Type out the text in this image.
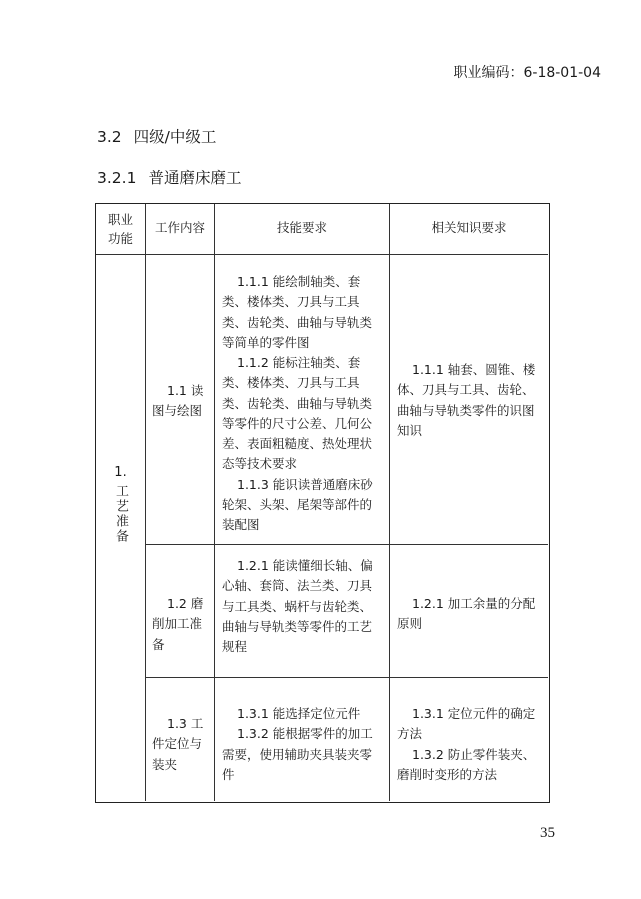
职业编码：6-18-01-04
3.2 四级/中级工
3.2.1 普通磨床磨工
职业
功能
工作内容	技能要求	相关知识要求
1.
工艺准备
1.1 读图与绘图

1.1.1 能绘制轴类、套类、楼体类、刀具与工具类、齿轮类、曲轴与导轨类等简单的零件图

1.1.2 能标注轴类、套类、楼体类、刀具与工具类、齿轮类、曲轴与导轨类等零件的尺寸公差、几何公差、表面粗糙度、热处理状态等技术要求

1.1.3 能识读普通磨床砂轮架、头架、尾架等部件的装配图

1.1.1 轴套、圆锥、楼体、刀具与工具、齿轮、曲轴与导轨类零件的识图知识

1.2 磨削加工准备

1.2.1 能读懂细长轴、偏心轴、套筒、法兰类、刀具与工具类、蜗杆与齿轮类、曲轴与导轨类等零件的工艺规程

1.2.1 加工余量的分配原则

1.3 工件定位与装夹

1.3.1 能选择定位元件

1.3.2 能根据零件的加工需要，使用辅助夹具装夹零件

1.3.1 定位元件的确定方法

1.3.2 防止零件装夹、磨削时变形的方法

35
